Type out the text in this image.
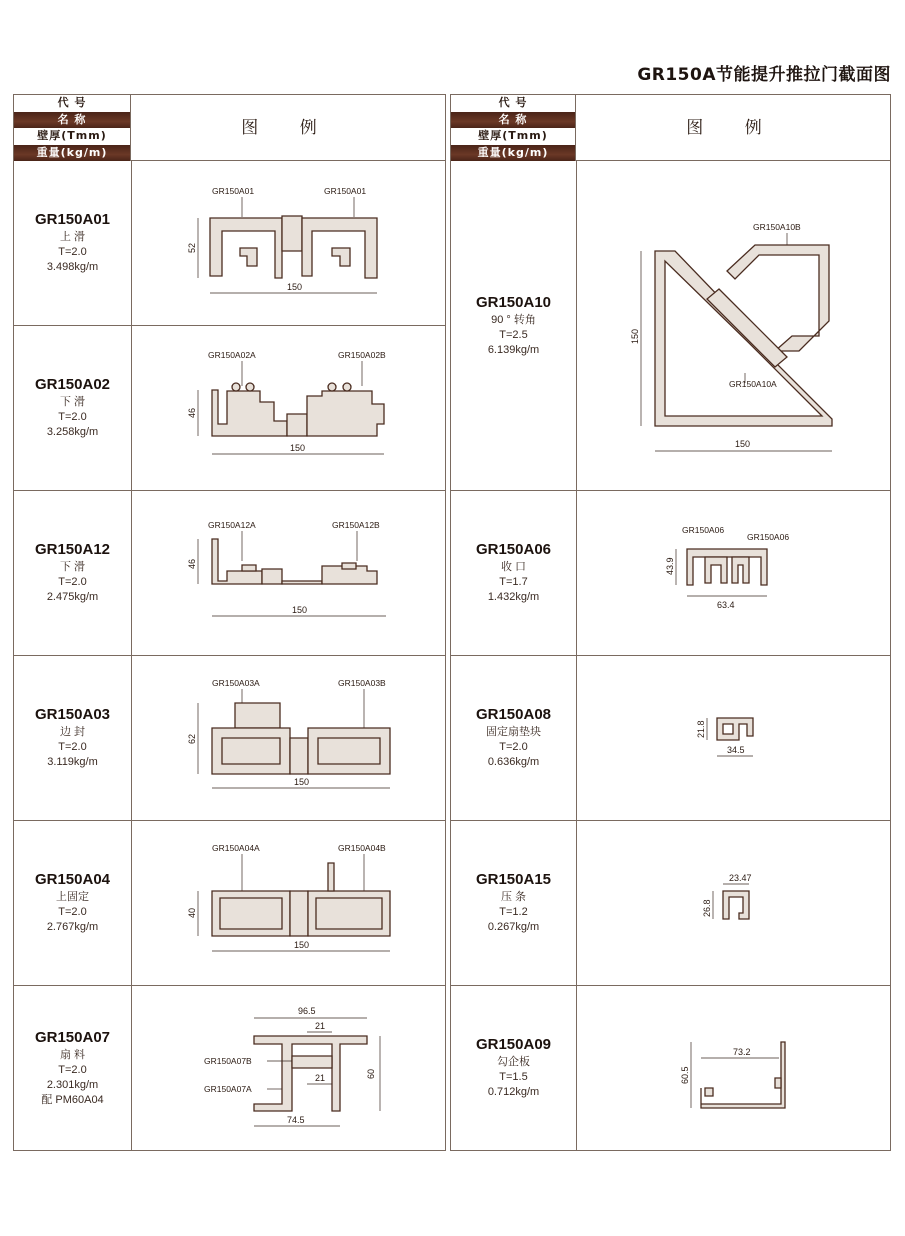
GR150A节能提升推拉门截面图
代 号
名 称
壁厚(Tmm)
重量(kg/m)
图 例
GR150A01
上 滑
T=2.0
3.498kg/m
GR150A01	GR150A01
52
150
GR150A02
下 滑
T=2.0
3.258kg/m
GR150A02A	GR150A02B
46
150
GR150A12
下 滑
T=2.0
2.475kg/m
GR150A12A	GR150A12B
46
150
GR150A03
边 封
T=2.0
3.119kg/m
GR150A03A	GR150A03B
62
150
GR150A04
上固定
T=2.0
2.767kg/m
GR150A04A	GR150A04B
40
150
GR150A07
扇 料
T=2.0
2.301kg/m
配 PM60A04
96.5
21
GR150A07B
21
GR150A07A
60
74.5
代 号
名 称
壁厚(Tmm)
重量(kg/m)
图 例
GR150A10
90 ° 转角
T=2.5
6.139kg/m
GR150A10B
GR150A10A
150
150
GR150A06
收 口
T=1.7
1.432kg/m
GR150A06
GR150A06
43.9
63.4
GR150A08
固定扇垫块
T=2.0
0.636kg/m
21.8
34.5
GR150A15
压 条
T=1.2
0.267kg/m
23.47
26.8
GR150A09
勾企板
T=1.5
0.712kg/m
73.2
60.5
